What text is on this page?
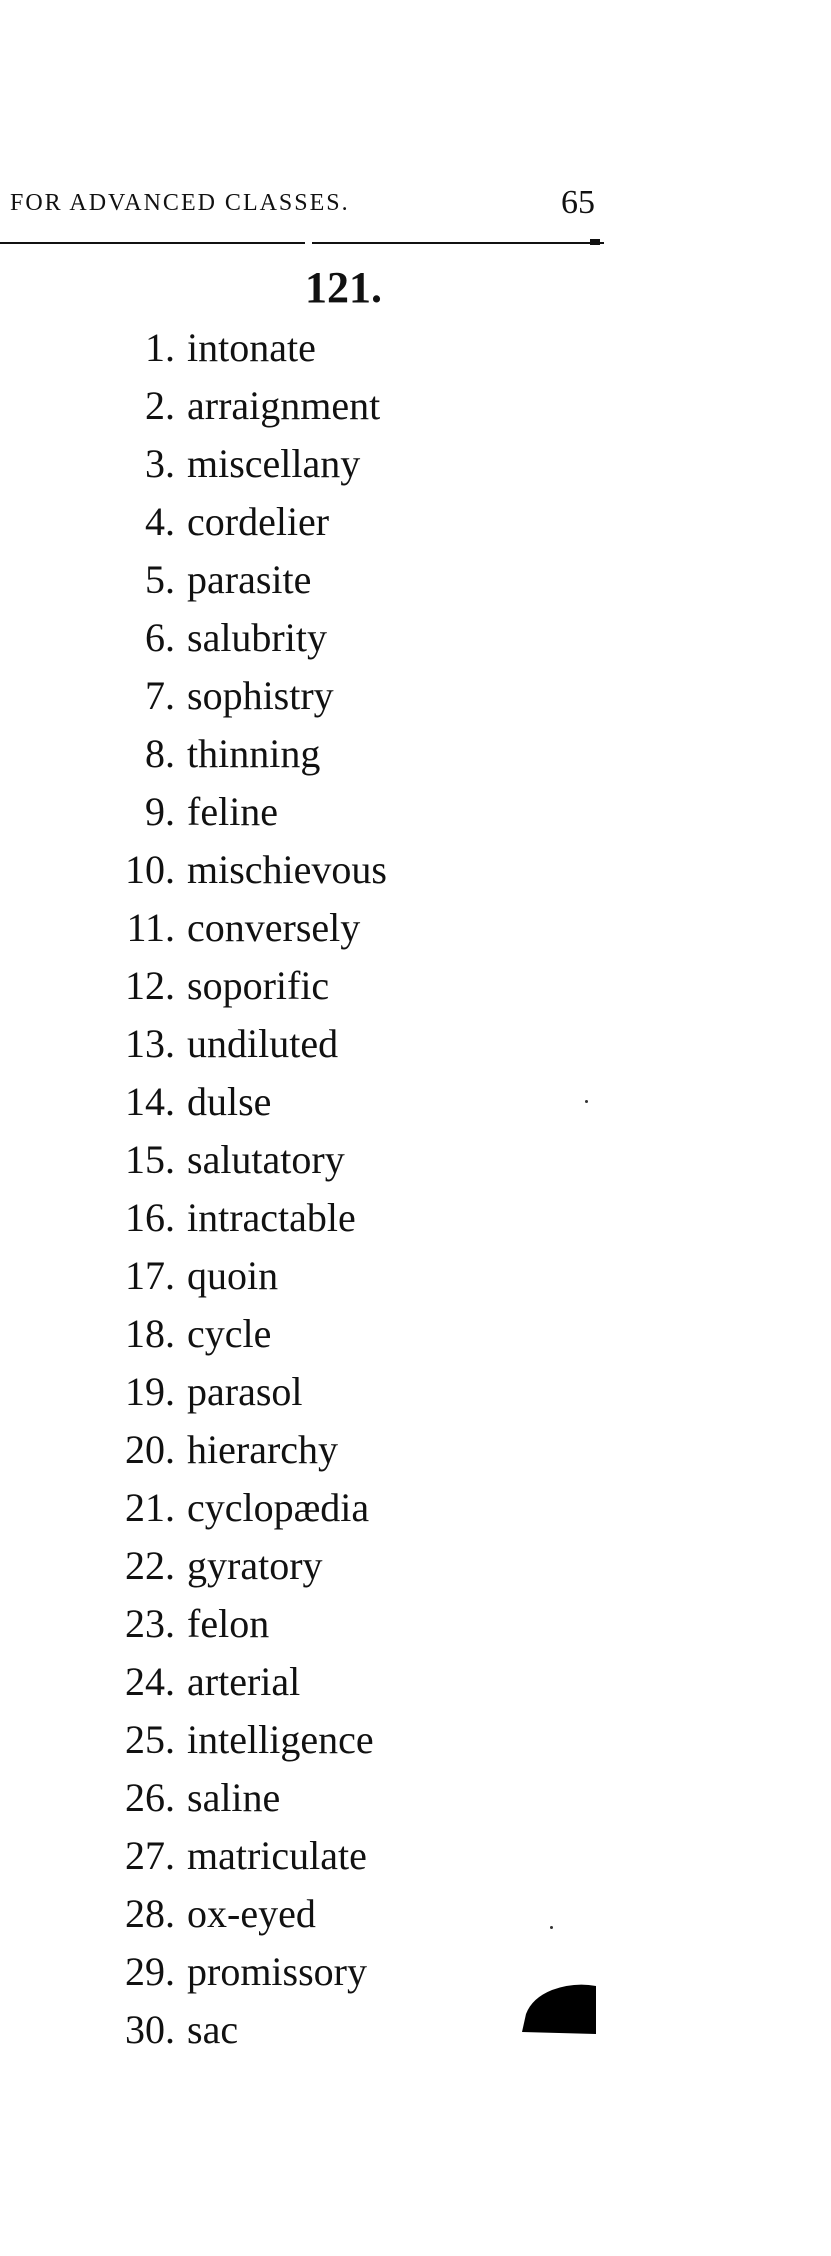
FOR ADVANCED CLASSES.	65
121.
1. intonate
2. arraignment
3. miscellany
4. cordelier
5. parasite
6. salubrity
7. sophistry
8. thinning
9. feline
10. mischievous
11. conversely
12. soporific
13. undiluted
14. dulse
15. salutatory
16. intractable
17. quoin
18. cycle
19. parasol
20. hierarchy
21. cyclopædia
22. gyratory
23. felon
24. arterial
25. intelligence
26. saline
27. matriculate
28. ox-eyed
29. promissory
30. sac
